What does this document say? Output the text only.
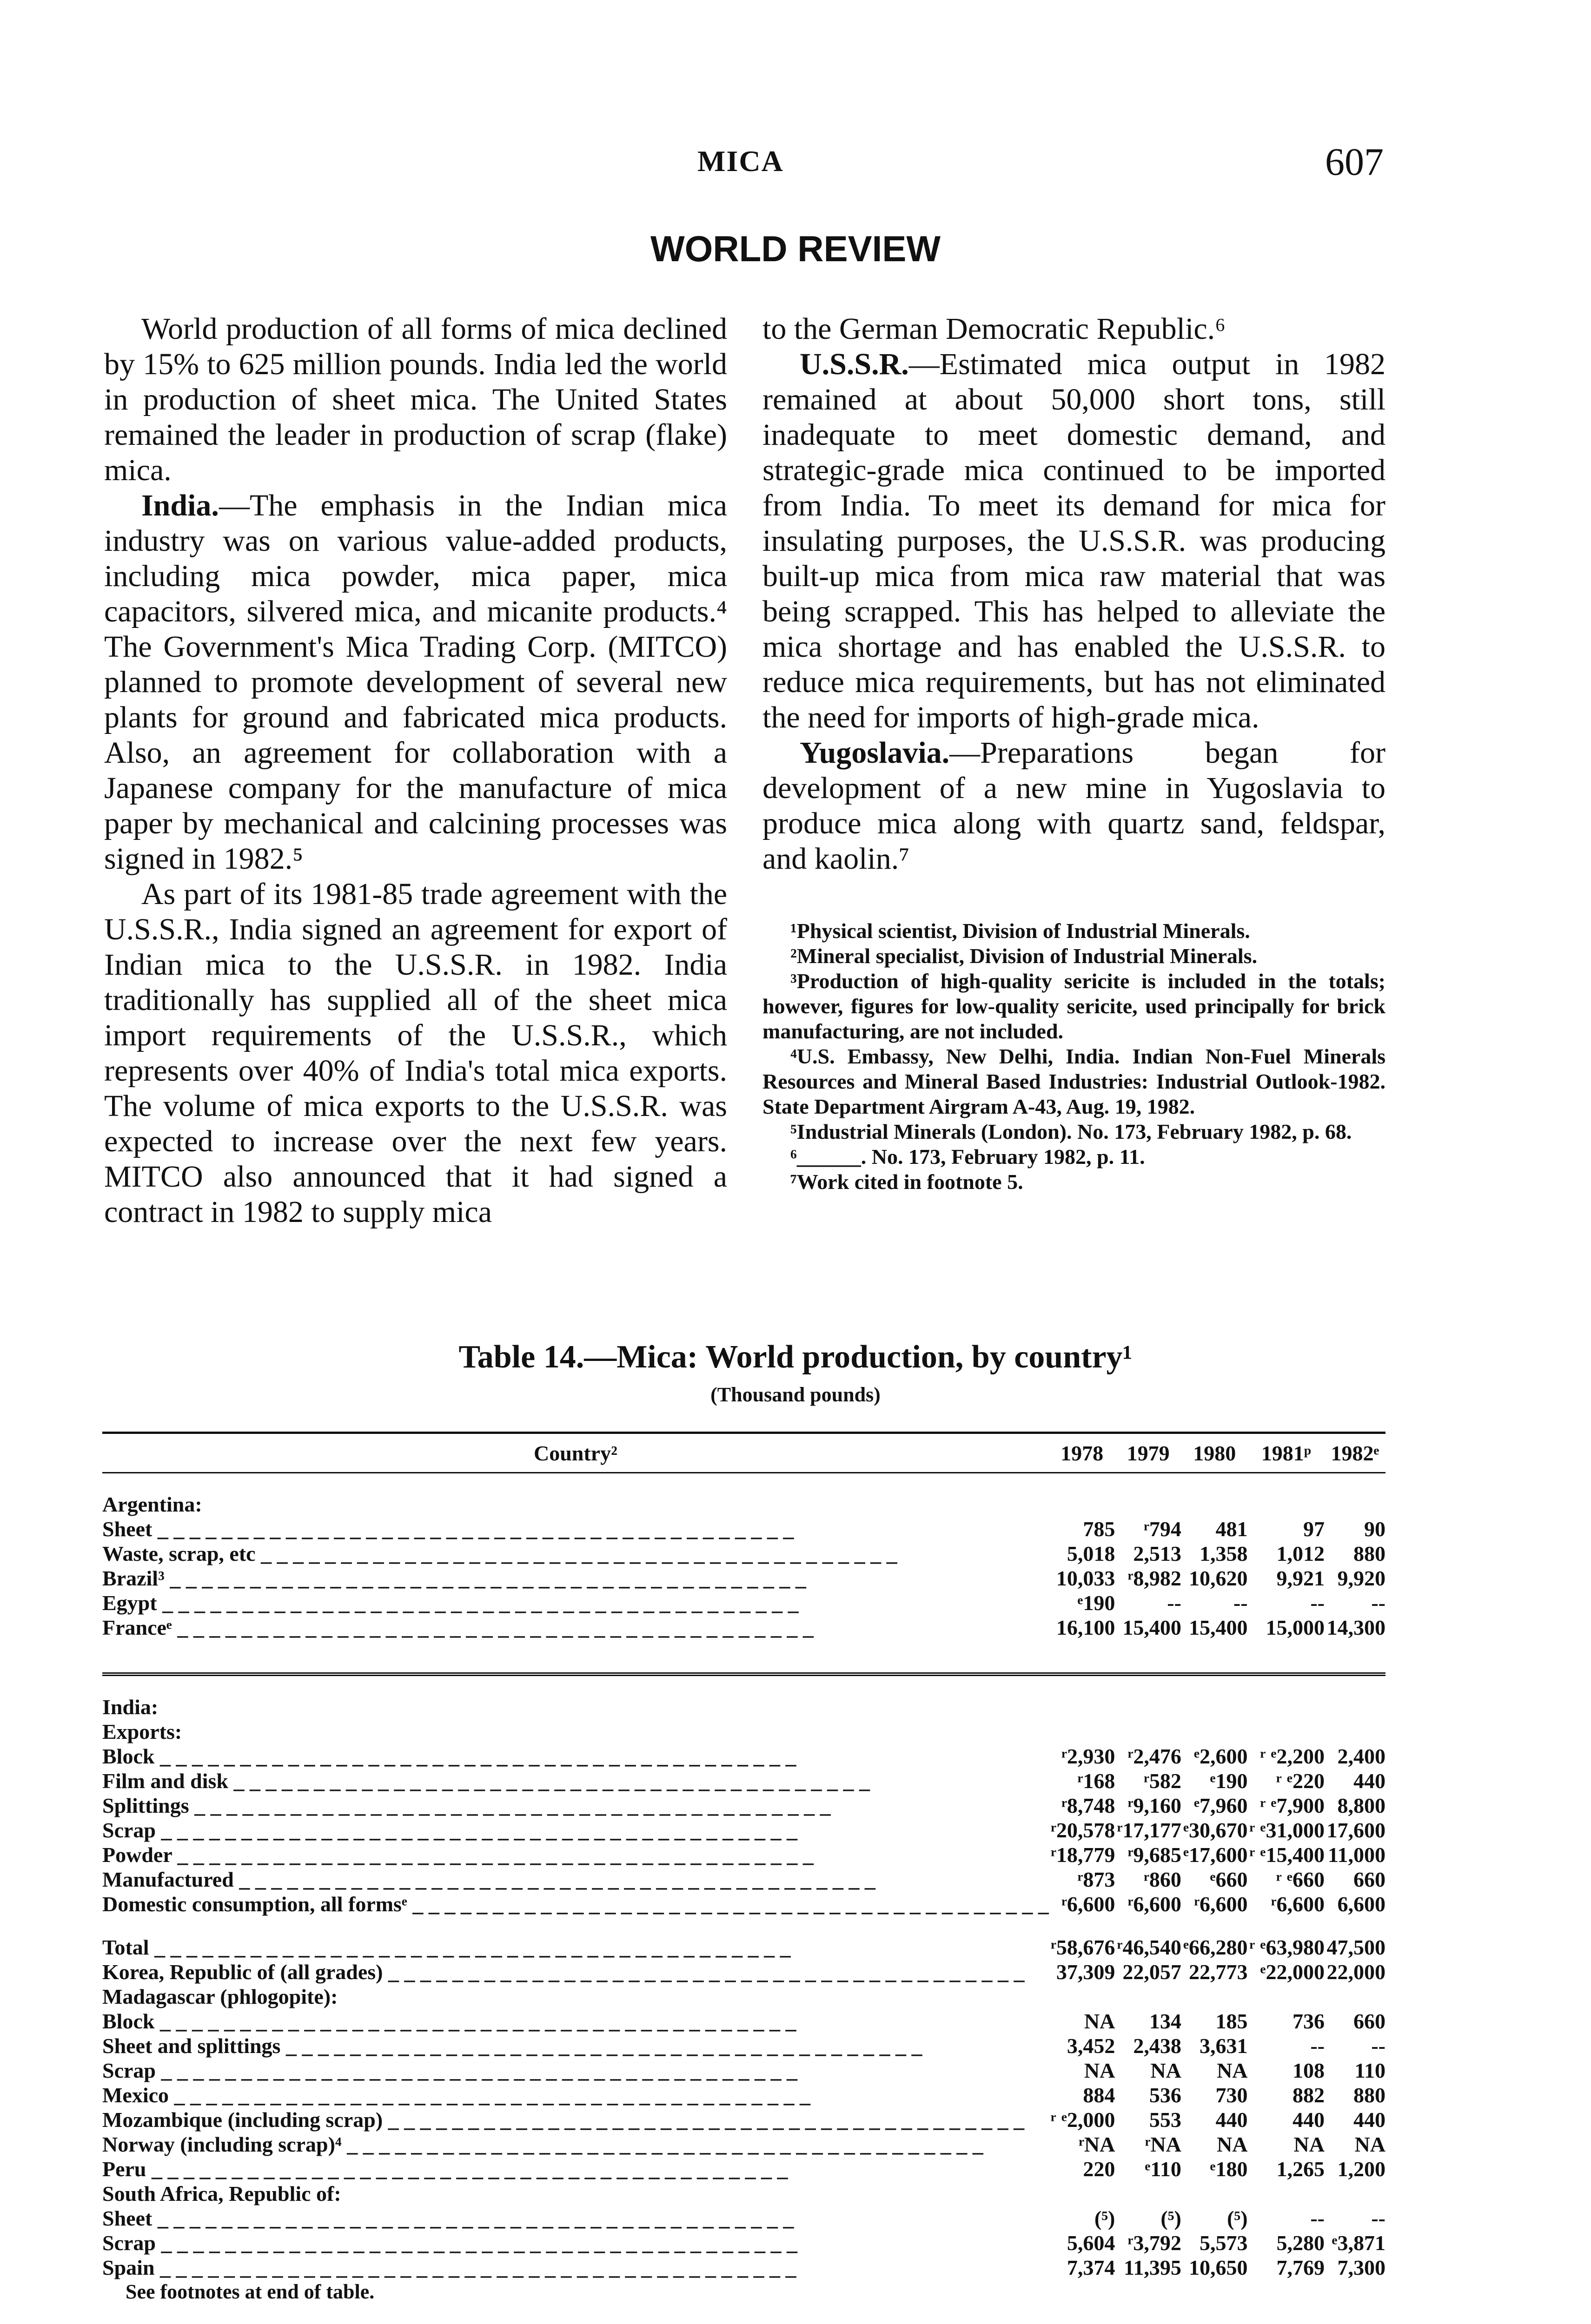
MICA	607
WORLD REVIEW

World production of all forms of mica declined by 15% to 625 million pounds. India led the world in production of sheet mica. The United States remained the leader in production of scrap (flake) mica.

India.—The emphasis in the Indian mica industry was on various value-added products, including mica powder, mica paper, mica capacitors, silvered mica, and micanite products.⁴ The Government's Mica Trading Corp. (MITCO) planned to promote development of several new plants for ground and fabricated mica products. Also, an agreement for collaboration with a Japanese company for the manufacture of mica paper by mechanical and calcining processes was signed in 1982.⁵

As part of its 1981-85 trade agreement with the U.S.S.R., India signed an agreement for export of Indian mica to the U.S.S.R. in 1982. India traditionally has supplied all of the sheet mica import requirements of the U.S.S.R., which represents over 40% of India's total mica exports. The volume of mica exports to the U.S.S.R. was expected to increase over the next few years. MITCO also announced that it had signed a contract in 1982 to supply mica

to the German Democratic Republic.⁶

U.S.S.R.—Estimated mica output in 1982 remained at about 50,000 short tons, still inadequate to meet domestic demand, and strategic-grade mica continued to be imported from India. To meet its demand for mica for insulating purposes, the U.S.S.R. was producing built-up mica from mica raw material that was being scrapped. This has helped to alleviate the mica shortage and has enabled the U.S.S.R. to reduce mica requirements, but has not eliminated the need for imports of high-grade mica.

Yugoslavia.—Preparations began for development of a new mine in Yugoslavia to produce mica along with quartz sand, feldspar, and kaolin.⁷

¹Physical scientist, Division of Industrial Minerals.

²Mineral specialist, Division of Industrial Minerals.

³Production of high-quality sericite is included in the totals; however, figures for low-quality sericite, used principally for brick manufacturing, are not included.

⁴U.S. Embassy, New Delhi, India. Indian Non-Fuel Minerals Resources and Mineral Based Industries: Industrial Outlook-1982. State Department Airgram A-43, Aug. 19, 1982.

⁵Industrial Minerals (London). No. 173, February 1982, p. 68.

⁶______. No. 173, February 1982, p. 11.

⁷Work cited in footnote 5.

Table 14.—Mica: World production, by country¹
(Thousand pounds)
Country²	1978	1979	1980	1981ᵖ	1982ᵉ

Argentina:					
Sheet _ _ _	785	ʳ794	481	97	90
Waste, scrap, etc _ _ _	5,018	2,513	1,358	1,012	880
Brazil³ _ _ _	10,033	ʳ8,982	10,620	9,921	9,920
Egypt _ _ _	ᵉ190	--	--	--	--
Franceᵉ _ _ _	16,100	15,400	15,400	15,000	14,300

India:					
Exports:					
Block _ _ _	ʳ2,930	ʳ2,476	ᵉ2,600	ʳ ᵉ2,200	2,400
Film and disk _ _ _	ʳ168	ʳ582	ᵉ190	ʳ ᵉ220	440
Splittings _ _ _	ʳ8,748	ʳ9,160	ᵉ7,960	ʳ ᵉ7,900	8,800
Scrap _ _ _	ʳ20,578	ʳ17,177	ᵉ30,670	ʳ ᵉ31,000	17,600
Powder _ _ _	ʳ18,779	ʳ9,685	ᵉ17,600	ʳ ᵉ15,400	11,000
Manufactured _ _ _	ʳ873	ʳ860	ᵉ660	ʳ ᵉ660	660
Domestic consumption, all formsᵉ _ _ _	ʳ6,600	ʳ6,600	ʳ6,600	ʳ6,600	6,600

Total _ _ _	ʳ58,676	ʳ46,540	ᵉ66,280	ʳ ᵉ63,980	47,500
Korea, Republic of (all grades) _ _ _	37,309	22,057	22,773	ᵉ22,000	22,000
Madagascar (phlogopite):					
Block _ _ _	NA	134	185	736	660
Sheet and splittings _ _ _	3,452	2,438	3,631	--	--
Scrap _ _ _	NA	NA	NA	108	110
Mexico _ _ _	884	536	730	882	880
Mozambique (including scrap) _ _ _	ʳ ᵉ2,000	553	440	440	440
Norway (including scrap)⁴ _ _ _	ʳNA	ʳNA	NA	NA	NA
Peru _ _ _	220	ᵉ110	ᵉ180	1,265	1,200
South Africa, Republic of:					
Sheet _ _ _	(⁵)	(⁵)	(⁵)	--	--
Scrap _ _ _	5,604	ʳ3,792	5,573	5,280	ᵉ3,871
Spain _ _ _	7,374	11,395	10,650	7,769	7,300
See footnotes at end of table.
